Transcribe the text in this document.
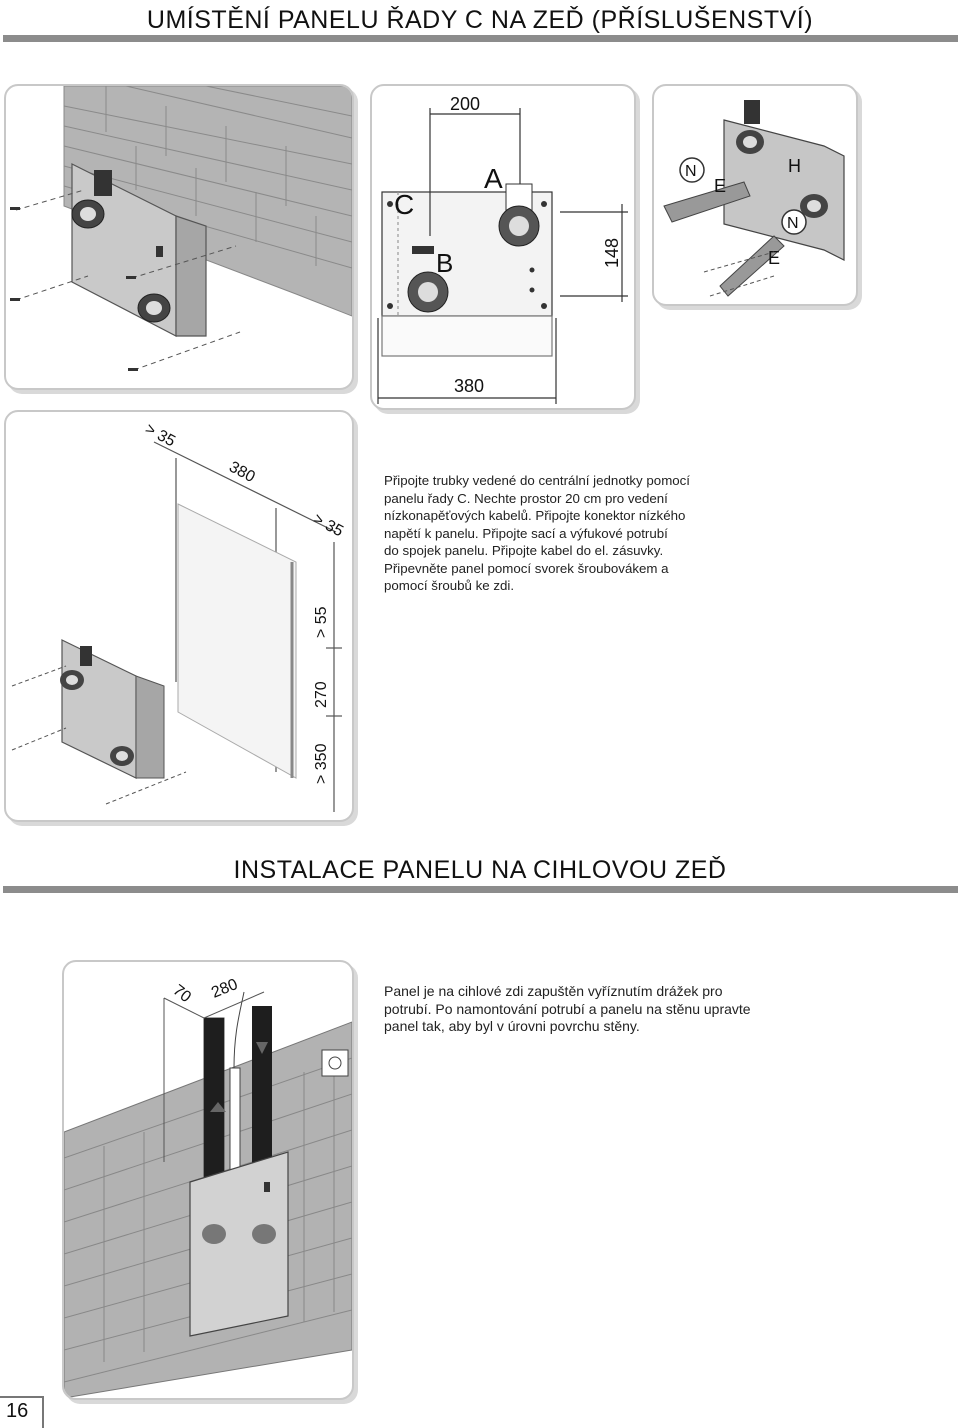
UMÍSTĚNÍ PANELU ŘADY C NA ZEĎ (PŘÍSLUŠENSTVÍ)
200
A
C
B	148
380
N
N
E
E
H
> 35
380
> 35
> 55
270
> 350
Připojte trubky vedené do centrální jednotky pomocí
panelu řady C. Nechte prostor 20 cm pro vedení
nízkonapěťových kabelů. Připojte konektor nízkého
napětí k panelu. Připojte sací a výfukové potrubí
do spojek panelu. Připojte kabel do el. zásuvky.
Připevněte panel pomocí svorek šroubovákem a
pomocí šroubů ke zdi.
INSTALACE PANELU NA CIHLOVOU ZEĎ
70 280	Panel je na cihlové zdi zapuštěn vyříznutím drážek pro
potrubí. Po namontování potrubí a panelu na stěnu upravte
panel tak, aby byl v úrovni povrchu stěny.
16
